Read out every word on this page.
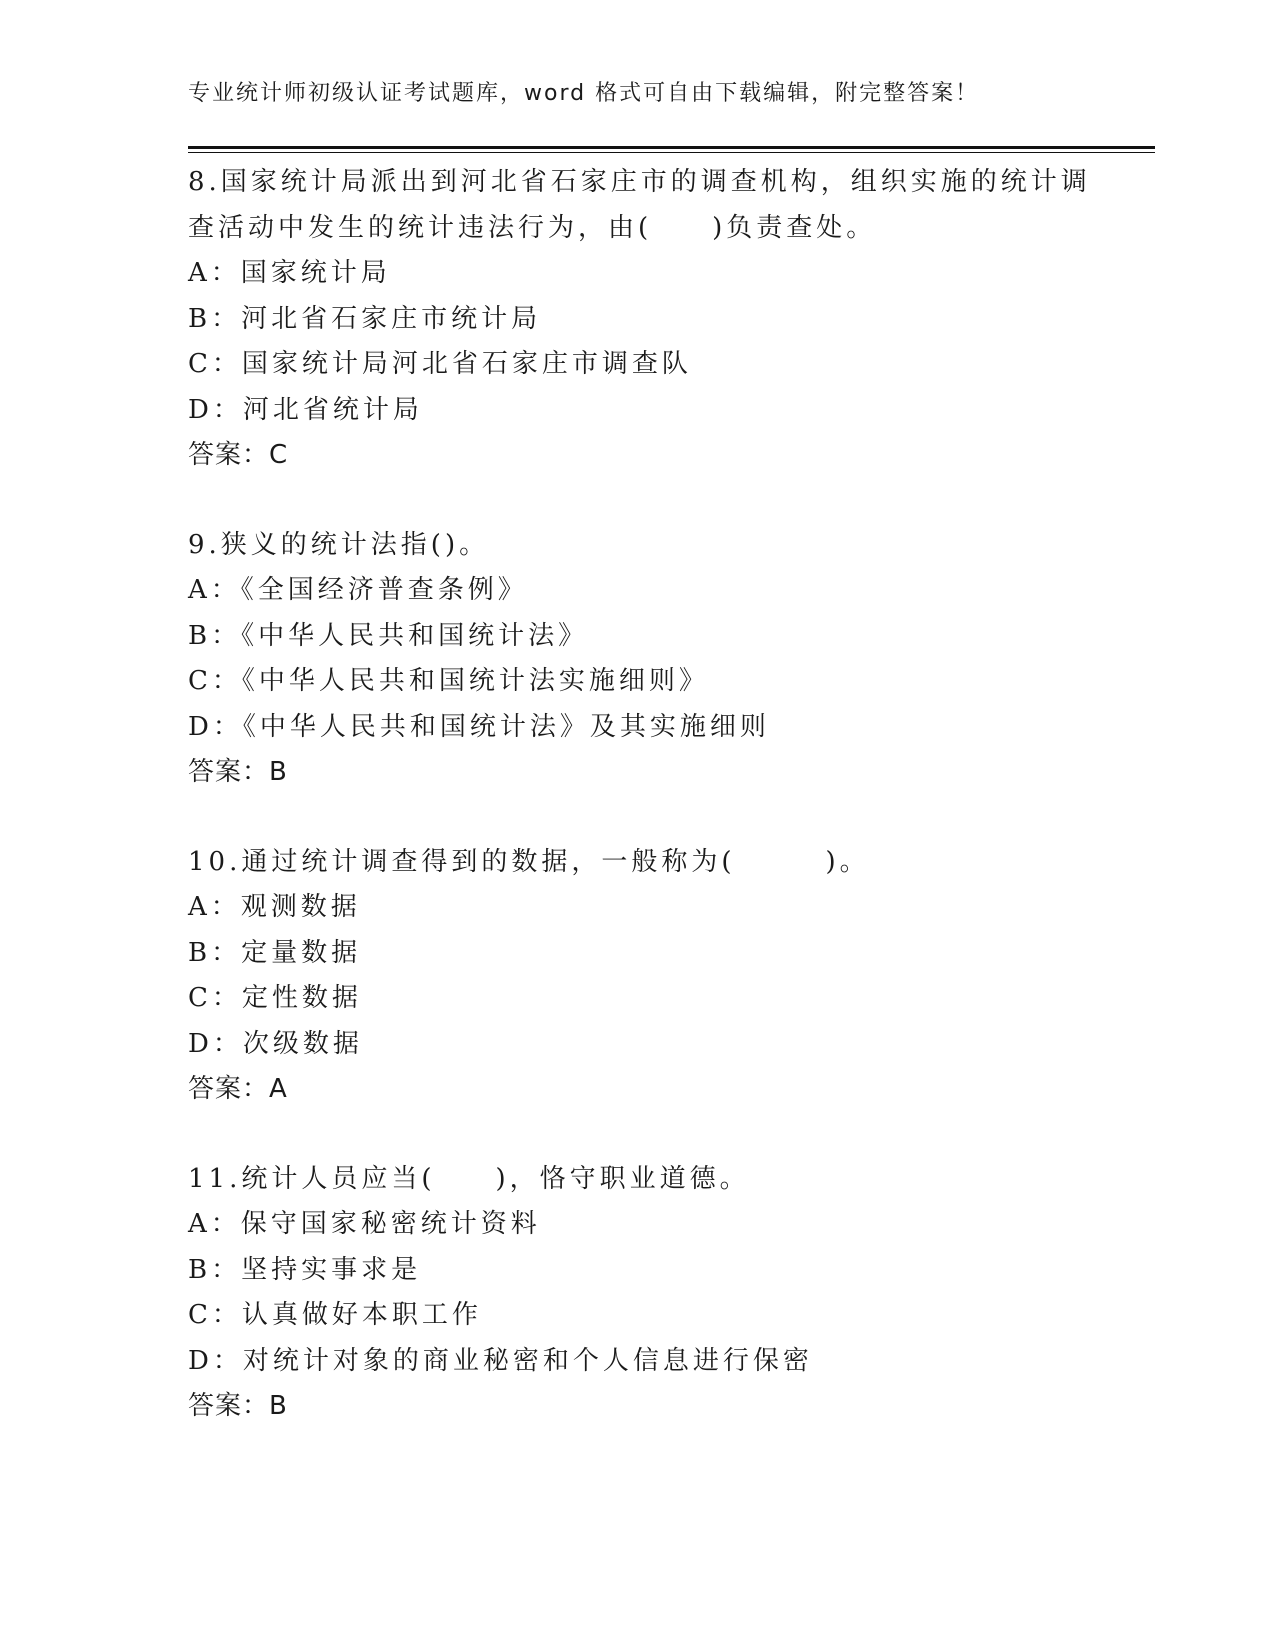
专业统计师初级认证考试题库，word 格式可自由下载编辑，附完整答案！
8.国家统计局派出到河北省石家庄市的调查机构，组织实施的统计调
查活动中发生的统计违法行为，由(　　)负责查处。
A：国家统计局
B：河北省石家庄市统计局
C：国家统计局河北省石家庄市调查队
D：河北省统计局
答案：C
9.狭义的统计法指()。
A：《全国经济普查条例》
B：《中华人民共和国统计法》
C：《中华人民共和国统计法实施细则》
D：《中华人民共和国统计法》及其实施细则
答案：B
10.通过统计调查得到的数据，一般称为(　　　)。
A：观测数据
B：定量数据
C：定性数据
D：次级数据
答案：A
11.统计人员应当(　　)，恪守职业道德。
A：保守国家秘密统计资料
B：坚持实事求是
C：认真做好本职工作
D：对统计对象的商业秘密和个人信息进行保密
答案：B
